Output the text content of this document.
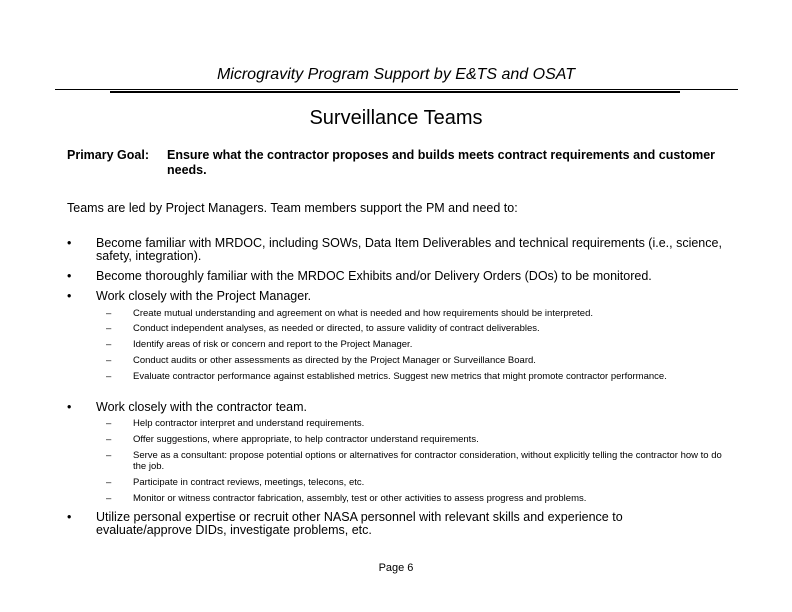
Microgravity Program Support by E&TS and OSAT
Surveillance Teams
Primary Goal: Ensure what the contractor proposes and builds meets contract requirements and customer needs.
Teams are led by Project Managers. Team members support the PM and need to:
• Become familiar with MRDOC, including SOWs, Data Item Deliverables and technical requirements (i.e., science, safety, integration).
• Become thoroughly familiar with the MRDOC Exhibits and/or Delivery Orders (DOs) to be monitored.
• Work closely with the Project Manager.
– Create mutual understanding and agreement on what is needed and how requirements should be interpreted.
– Conduct independent analyses, as needed or directed, to assure validity of contract deliverables.
– Identify areas of risk or concern and report to the Project Manager.
– Conduct audits or other assessments as directed by the Project Manager or Surveillance Board.
– Evaluate contractor performance against established metrics. Suggest new metrics that might promote contractor performance.
• Work closely with the contractor team.
– Help contractor interpret and understand requirements.
– Offer suggestions, where appropriate, to help contractor understand requirements.
– Serve as a consultant: propose potential options or alternatives for contractor consideration, without explicitly telling the contractor how to do the job.
– Participate in contract reviews, meetings, telecons, etc.
– Monitor or witness contractor fabrication, assembly, test or other activities to assess progress and problems.
• Utilize personal expertise or recruit other NASA personnel with relevant skills and experience to evaluate/approve DIDs, investigate problems, etc.
Page 6
